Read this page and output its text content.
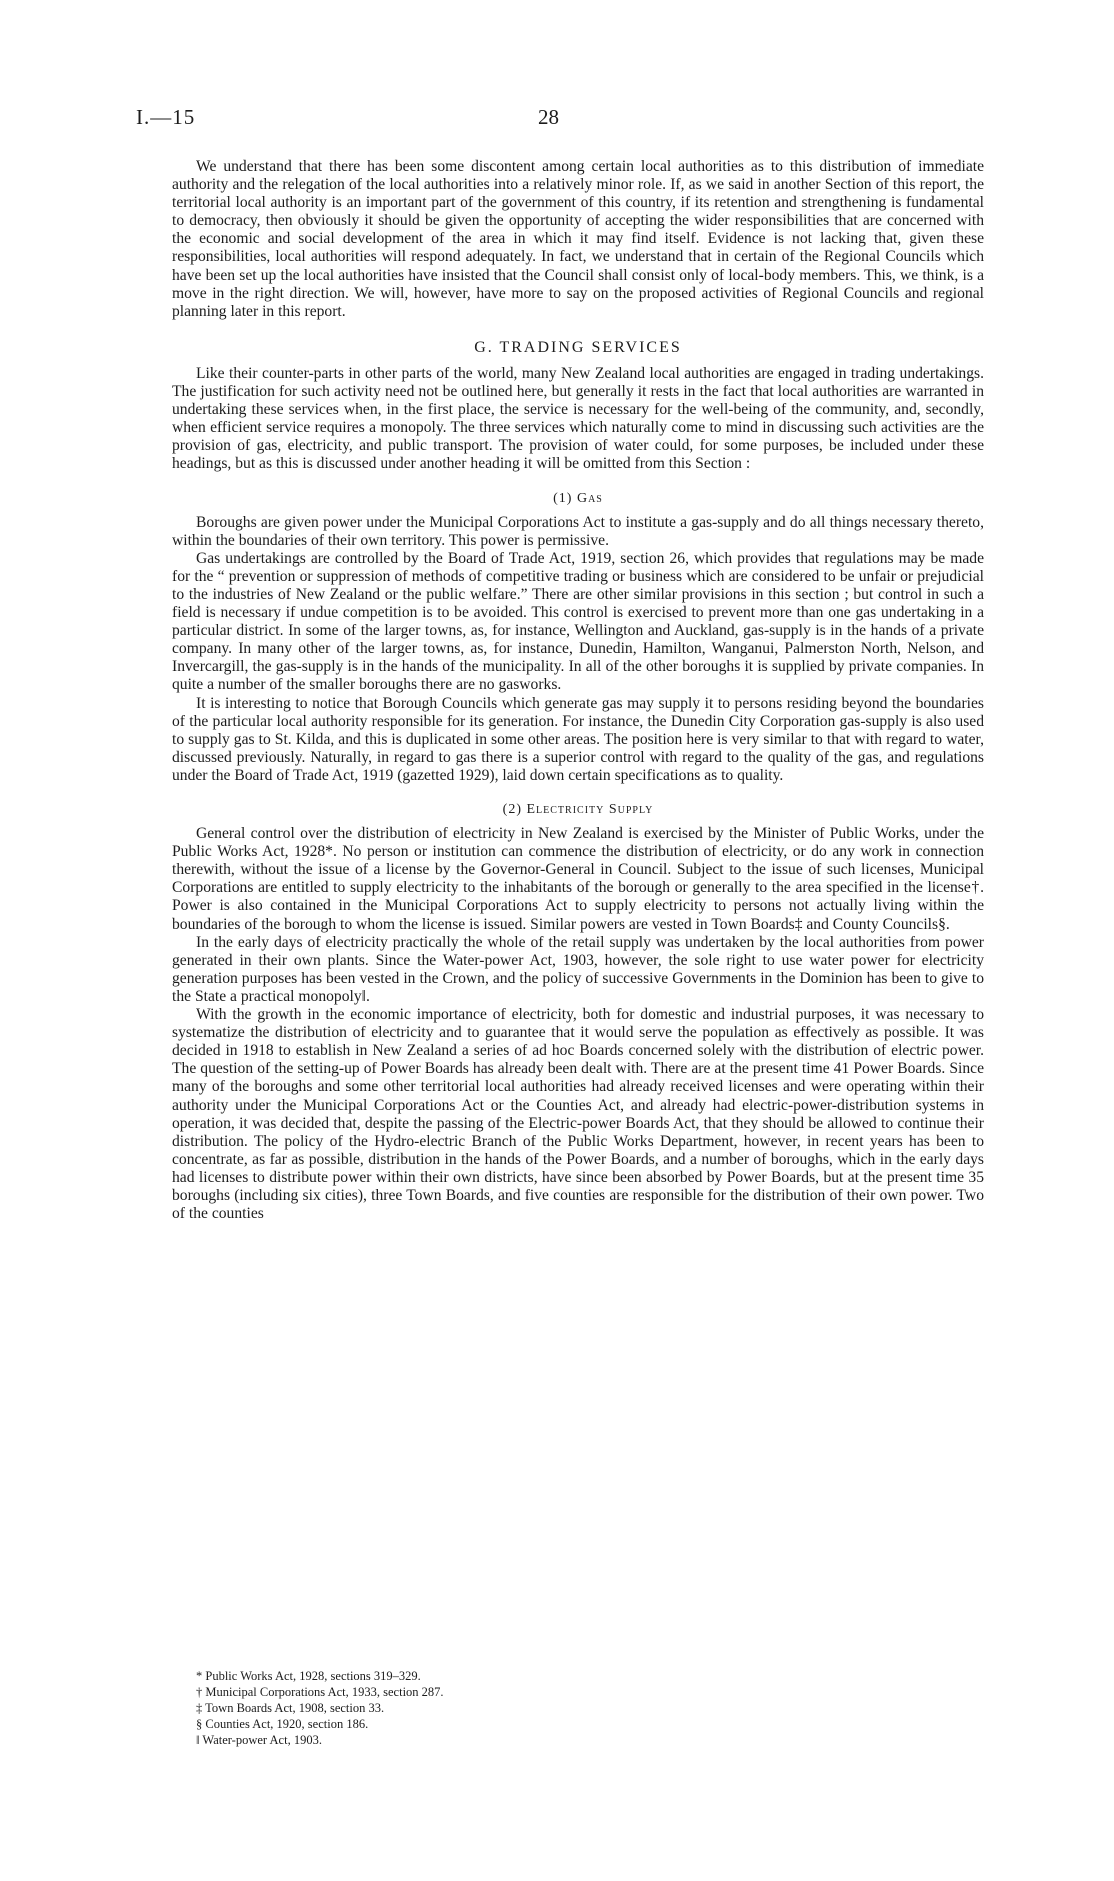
I.—15	28

We understand that there has been some discontent among certain local authorities as to this distribution of immediate authority and the relegation of the local authorities into a relatively minor role. If, as we said in another Section of this report, the territorial local authority is an important part of the government of this country, if its retention and strengthening is fundamental to democracy, then obviously it should be given the opportunity of accepting the wider responsibilities that are concerned with the economic and social development of the area in which it may find itself. Evidence is not lacking that, given these responsibilities, local authorities will respond adequately. In fact, we understand that in certain of the Regional Councils which have been set up the local authorities have insisted that the Council shall consist only of local-body members. This, we think, is a move in the right direction. We will, however, have more to say on the proposed activities of Regional Councils and regional planning later in this report.

G. TRADING SERVICES

Like their counter-parts in other parts of the world, many New Zealand local authorities are engaged in trading undertakings. The justification for such activity need not be outlined here, but generally it rests in the fact that local authorities are warranted in undertaking these services when, in the first place, the service is necessary for the well-being of the community, and, secondly, when efficient service requires a monopoly. The three services which naturally come to mind in discussing such activities are the provision of gas, electricity, and public transport. The provision of water could, for some purposes, be included under these headings, but as this is discussed under another heading it will be omitted from this Section :

(1) Gas

Boroughs are given power under the Municipal Corporations Act to institute a gas-supply and do all things necessary thereto, within the boundaries of their own territory. This power is permissive.

Gas undertakings are controlled by the Board of Trade Act, 1919, section 26, which provides that regulations may be made for the “ prevention or suppression of methods of competitive trading or business which are considered to be unfair or prejudicial to the industries of New Zealand or the public welfare.” There are other similar provisions in this section ; but control in such a field is necessary if undue competition is to be avoided. This control is exercised to prevent more than one gas undertaking in a particular district. In some of the larger towns, as, for instance, Wellington and Auckland, gas-supply is in the hands of a private company. In many other of the larger towns, as, for instance, Dunedin, Hamilton, Wanganui, Palmerston North, Nelson, and Invercargill, the gas-supply is in the hands of the municipality. In all of the other boroughs it is supplied by private companies. In quite a number of the smaller boroughs there are no gasworks.

It is interesting to notice that Borough Councils which generate gas may supply it to persons residing beyond the boundaries of the particular local authority responsible for its generation. For instance, the Dunedin City Corporation gas-supply is also used to supply gas to St. Kilda, and this is duplicated in some other areas. The position here is very similar to that with regard to water, discussed previously. Naturally, in regard to gas there is a superior control with regard to the quality of the gas, and regulations under the Board of Trade Act, 1919 (gazetted 1929), laid down certain specifications as to quality.

(2) Electricity Supply

General control over the distribution of electricity in New Zealand is exercised by the Minister of Public Works, under the Public Works Act, 1928*. No person or institution can commence the distribution of electricity, or do any work in connection therewith, without the issue of a license by the Governor-General in Council. Subject to the issue of such licenses, Municipal Corporations are entitled to supply electricity to the inhabitants of the borough or generally to the area specified in the license†. Power is also contained in the Municipal Corporations Act to supply electricity to persons not actually living within the boundaries of the borough to whom the license is issued. Similar powers are vested in Town Boards‡ and County Councils§.

In the early days of electricity practically the whole of the retail supply was undertaken by the local authorities from power generated in their own plants. Since the Water-power Act, 1903, however, the sole right to use water power for electricity generation purposes has been vested in the Crown, and the policy of successive Governments in the Dominion has been to give to the State a practical monopoly‖.

With the growth in the economic importance of electricity, both for domestic and industrial purposes, it was necessary to systematize the distribution of electricity and to guarantee that it would serve the population as effectively as possible. It was decided in 1918 to establish in New Zealand a series of ad hoc Boards concerned solely with the distribution of electric power. The question of the setting-up of Power Boards has already been dealt with. There are at the present time 41 Power Boards. Since many of the boroughs and some other territorial local authorities had already received licenses and were operating within their authority under the Municipal Corporations Act or the Counties Act, and already had electric-power-distribution systems in operation, it was decided that, despite the passing of the Electric-power Boards Act, that they should be allowed to continue their distribution. The policy of the Hydro-electric Branch of the Public Works Department, however, in recent years has been to concentrate, as far as possible, distribution in the hands of the Power Boards, and a number of boroughs, which in the early days had licenses to distribute power within their own districts, have since been absorbed by Power Boards, but at the present time 35 boroughs (including six cities), three Town Boards, and five counties are responsible for the distribution of their own power. Two of the counties

* Public Works Act, 1928, sections 319–329.
† Municipal Corporations Act, 1933, section 287.
‡ Town Boards Act, 1908, section 33.
§ Counties Act, 1920, section 186.
‖ Water-power Act, 1903.
